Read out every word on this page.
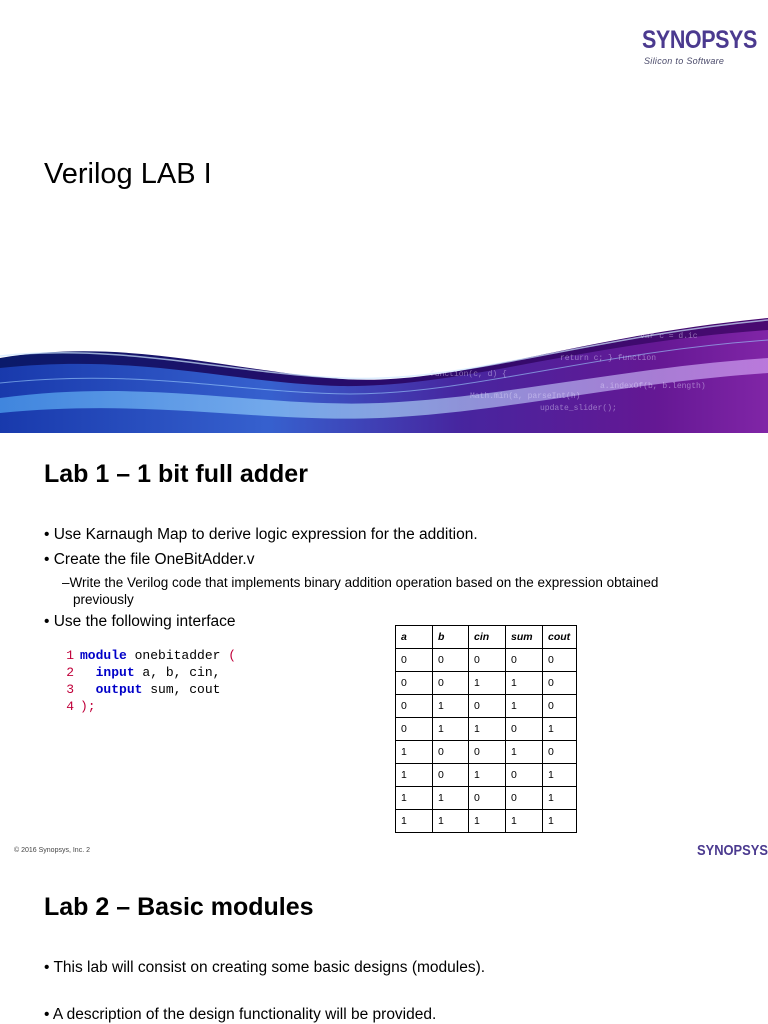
SYNOPSYS
Silicon to Software
Verilog LAB I
function(c, d) {
return c; } function
a.indexOf(b, b.length)
Math.min(a, parseInt(h)
update_slider();
var c = d.ic
Lab 1 – 1 bit full adder
• Use Karnaugh Map to derive logic expression for the addition.
• Create the file OneBitAdder.v
–Write the Verilog code that implements binary addition operation based on the expression obtained
previously
• Use the following interface
1 module onebitadder (
2 input a, b, cin,
3 output sum, cout
4 );
a	b	cin	sum	cout
0	0	0	0	0
0	0	1	1	0
0	1	0	1	0
0	1	1	0	1
1	0	0	1	0
1	0	1	0	1
1	1	0	0	1
1	1	1	1	1
© 2016 Synopsys, Inc. 2	SYNOPSYS
Lab 2 – Basic modules
• This lab will consist on creating some basic designs (modules).
• A description of the design functionality will be provided.
